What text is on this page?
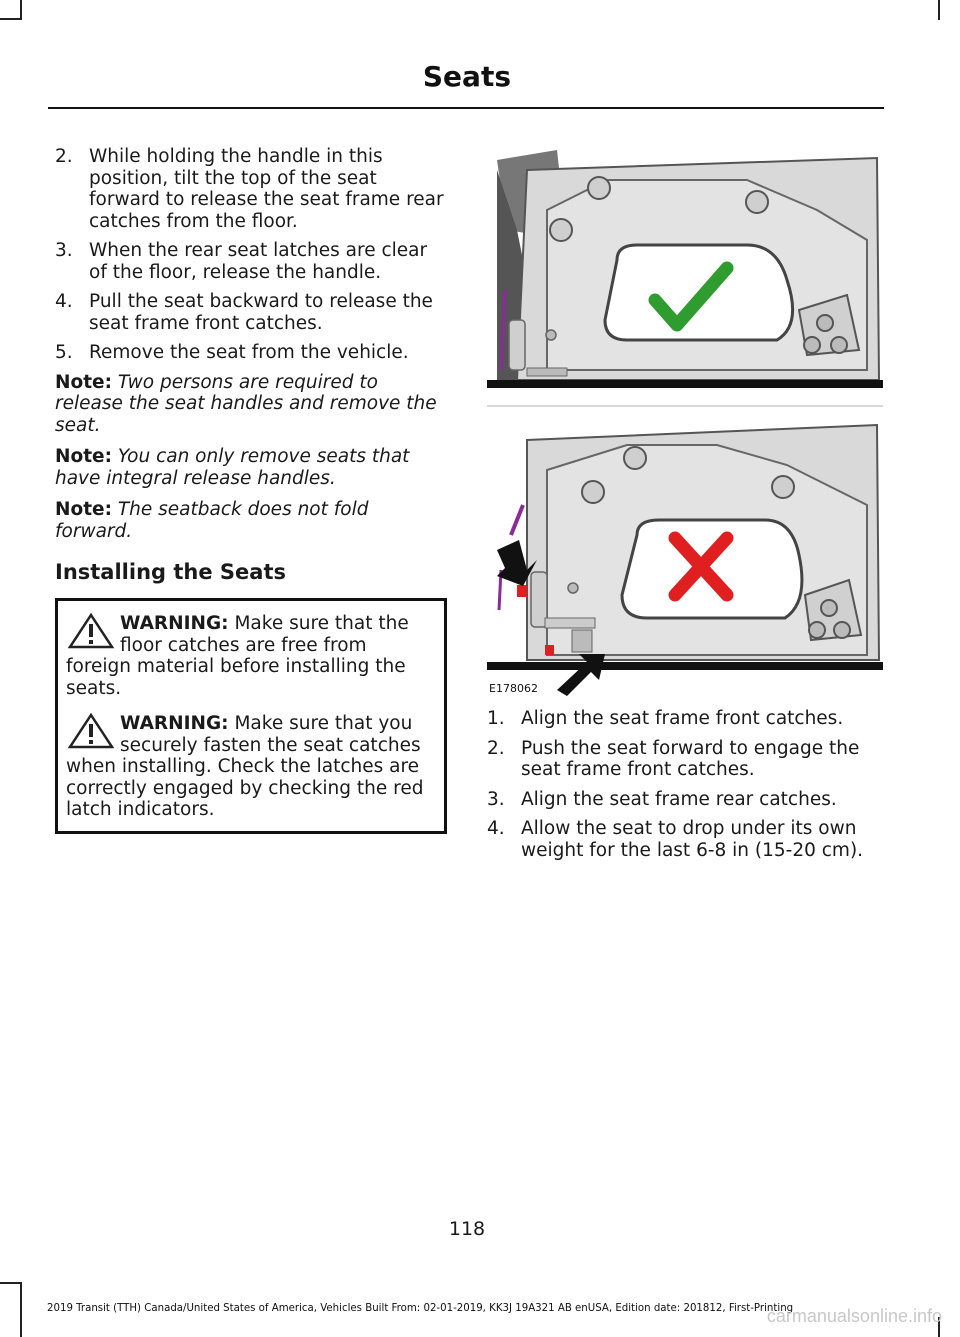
Seats
2. While holding the handle in this position, tilt the top of the seat forward to release the seat frame rear catches from the floor.
3. When the rear seat latches are clear of the floor, release the handle.
4. Pull the seat backward to release the seat frame front catches.
5. Remove the seat from the vehicle.

Note: Two persons are required to release the seat handles and remove the seat.

Note: You can only remove seats that have integral release handles.

Note: The seatback does not fold forward.

Installing the Seats
WARNING: Make sure that the floor catches are free from foreign material before installing the seats.
WARNING: Make sure that you securely fasten the seat catches when installing. Check the latches are correctly engaged by checking the red latch indicators.
E178062
1. Align the seat frame front catches.
2. Push the seat forward to engage the seat frame front catches.
3. Align the seat frame rear catches.
4. Allow the seat to drop under its own weight for the last 6-8 in (15-20 cm).
118
2019 Transit (TTH) Canada/United States of America, Vehicles Built From: 02-01-2019, KK3J 19A321 AB enUSA, Edition date: 201812, First-Printing
carmanualsonline.info
